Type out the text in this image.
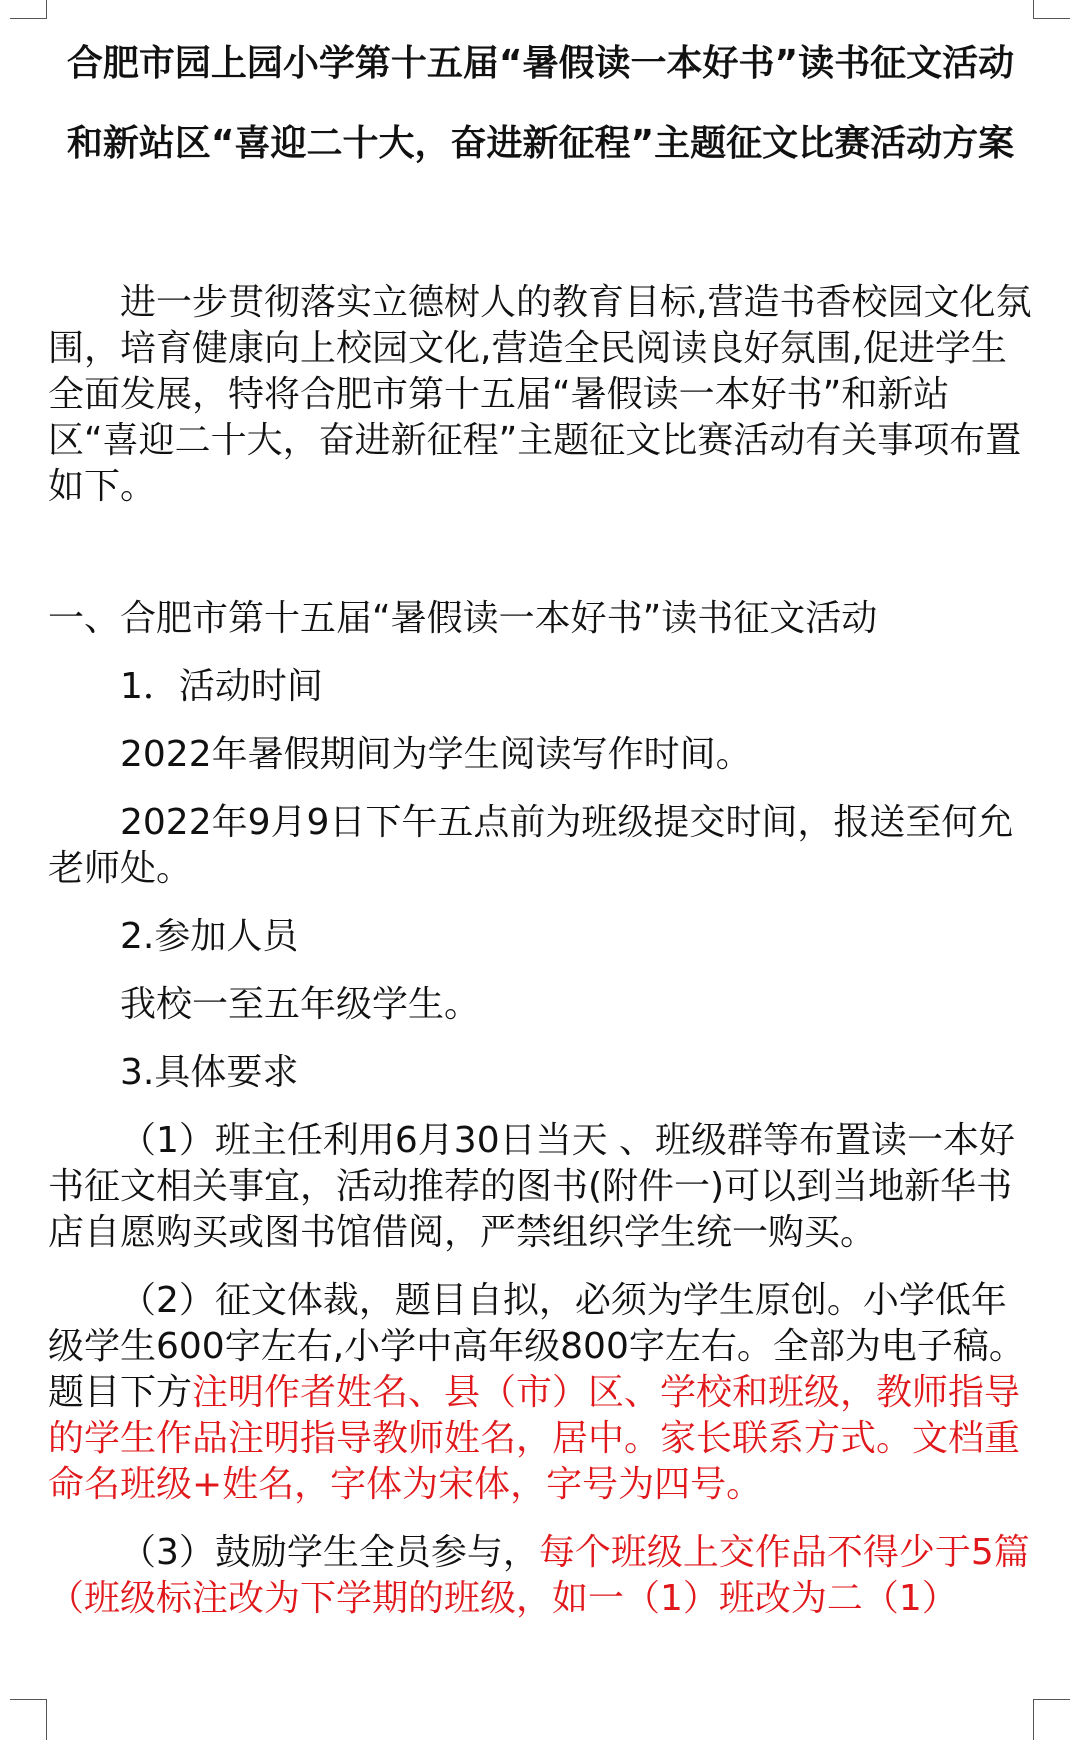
合肥市园上园小学第十五届“暑假读一本好书”读书征文活动
和新站区“喜迎二十大，奋进新征程”主题征文比赛活动方案

进一步贯彻落实立德树人的教育目标,营造书香校园文化氛围，培育健康向上校园文化,营造全民阅读良好氛围,促进学生全面发展，特将合肥市第十五届“暑假读一本好书”和新站区“喜迎二十大，奋进新征程”主题征文比赛活动有关事项布置如下。

一、合肥市第十五届“暑假读一本好书”读书征文活动

1．活动时间

2022年暑假期间为学生阅读写作时间。

2022年9月9日下午五点前为班级提交时间，报送至何允老师处。

2.参加人员

我校一至五年级学生。

3.具体要求

（1）班主任利用6月30日当天 、班级群等布置读一本好书征文相关事宜，活动推荐的图书(附件一)可以到当地新华书店自愿购买或图书馆借阅，严禁组织学生统一购买。

（2）征文体裁，题目自拟，必须为学生原创。小学低年级学生600字左右,小学中高年级800字左右。全部为电子稿。题目下方注明作者姓名、县（市）区、学校和班级，教师指导的学生作品注明指导教师姓名，居中。家长联系方式。文档重命名班级+姓名，字体为宋体，字号为四号。

（3）鼓励学生全员参与，每个班级上交作品不得少于5篇（班级标注改为下学期的班级，如一（1）班改为二（1）
